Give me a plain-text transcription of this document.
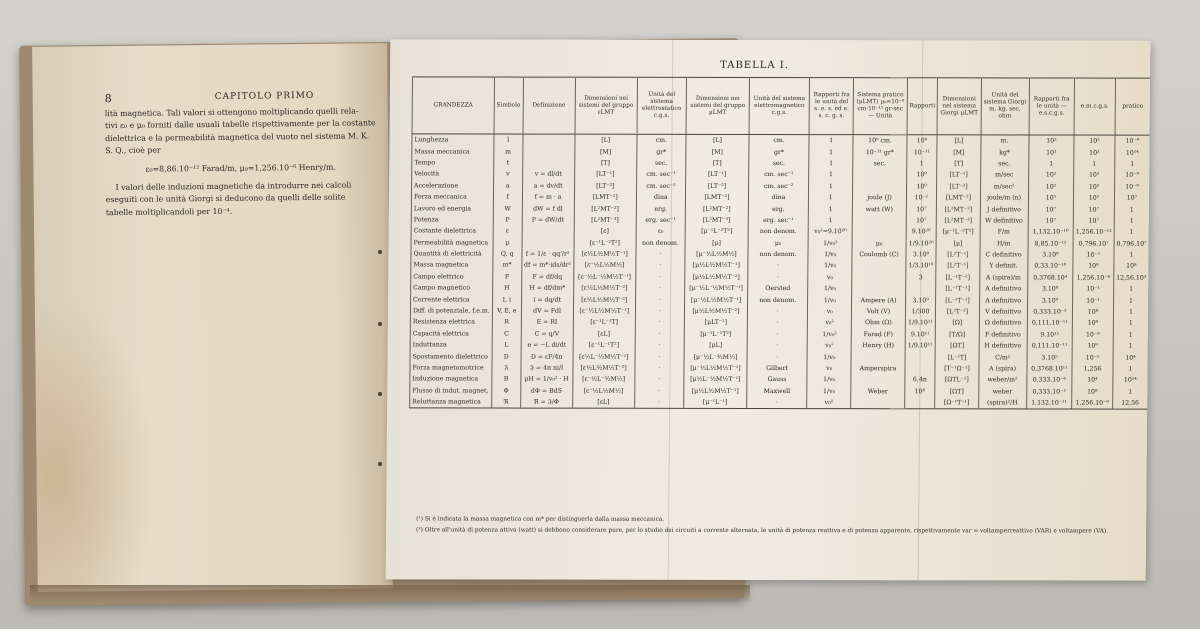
8	CAPITOLO PRIMO

lità magnetica. Tali valori si ottengono moltiplicando quelli rela-

tivi ε₀ e μ₀ forniti dalle usuali tabelle rispettivamente per la costante

dielettrica e la permeabilità magnetica del vuoto nel sistema M. K.

S. Q., cioè per

ε₀=8,86.10⁻¹² Farad/m, μ₀=1,256.10⁻⁶ Henry/m.

I valori delle induzioni magnetiche da introdurre nei calcoli

eseguiti con le unità Giorgi si deducono da quelli delle solite

tabelle moltiplicandoli per 10⁻⁴.

TABELLA I.
GRANDEZZA	Simbolo	Definizione	Dimensioni nei sistemi del gruppo εLMT	Unità del sistema elettrostatico c.g.s.	Dimensioni nei sistemi del gruppo μLMT	Unità del sistema elettromagnetico c.g.s.	Rapporti fra le unità del s. e. s. ed e. s. c. g. s.	Sistema pratico (μLMT) μ₀=10⁻⁹ cm·10⁻¹¹ gr·sec — Unità	Rapporti	Dimensioni nel sistema Giorgi μLMT	Unità del sistema Giorgi m, kg, sec, ohm	Rapporti fra le unità — e.s.c.g.s.	e.m.c.g.s.	pratico
Lunghezza	l		[L]	cm.	[L]	cm.	1	10⁹ cm.	10⁹	[L]	m.	10²	10²	10⁻⁹
Massa meccanica	m		[M]	gr*	[M]	gr*	1	10⁻¹¹ gr*	10⁻¹¹	[M]	kg*	10³	10³	10¹⁴
Tempo	t		[T]	sec.	[T]	sec.	1	sec.	1	[T]	sec.	1	1	1
Velocità	v	v = dl/dt	[LT⁻¹]	cm. sec⁻¹	[LT⁻¹]	cm. sec⁻¹	1		10⁹	[LT⁻¹]	m/sec	10²	10²	10⁻⁹
Accelerazione	a	a = dv/dt	[LT⁻²]	cm. sec⁻²	[LT⁻²]	cm. sec⁻²	1		10⁹	[LT⁻²]	m/sec²	10²	10²	10⁻⁹
Forza meccanica	f	f = m · a	[LMT⁻²]	dina	[LMT⁻²]	dina	1	joule (J)	10⁻²	[LMT⁻²]	joule/m (n)	10⁵	10⁵	10⁷
Lavoro ed energia	W	dW = f dl	[L²MT⁻²]	erg.	[L²MT⁻²]	erg.	1	watt (W)	10⁷	[L²MT⁻²]	J definitivo	10⁷	10⁷	1
Potenza	P	P = dW/dt	[L²MT⁻³]	erg. sec⁻¹	[L²MT⁻³]	erg. sec⁻¹	1		10⁷	[L²MT⁻³]	W definitivo	10⁷	10⁷	1
Costante dielettrica	ε		[ε]	ε₀	[μ⁻¹L⁻²T²]	non denom.	v₀²=9.10²⁰		9.10²⁰	[μ⁻¹L⁻²T²]	F/m	1,132.10⁻¹⁰	1,256.10⁻¹³	1
Permeabilità magnetica	μ		[ε⁻¹L⁻²T²]	non denom.	[μ]	μ₀	1/v₀²	μ₀	1/9.10²⁰	[μ]	H/m	8,85.10⁻¹²	0,796.10⁷	0,796.10⁷
Quantità di elettricità	Q, q	f = 1/ε · qq'/r²	[ε½L³⁄₂M½T⁻¹]	·	[μ⁻½L½M½]	non denom.	1/v₀	Coulomb (C)	3.10⁹	[L²T⁻¹]	C definitivo	3.10⁹	10⁻¹	1
Massa magnetica	m*	df = m*·ids/dr²	[ε⁻½L½M½]	·	[μ½L³⁄₂M½T⁻¹]	·	1/v₀		1/3.10¹⁰	[L²T⁻¹]	Y definit.	0,33.10⁻¹⁰	10⁸	10⁸
Campo elettrico	F	F = df/dq	[ε⁻½L⁻½M½T⁻¹]	·	[μ½L½M½T⁻²]	·	v₀		3	[L⁻¹T⁻²]	A (spira)/m	0,3768.10⁴	1,256.10⁻⁴	12,56.10³
Campo magnetico	H	H = df/dm*	[ε½L½M½T⁻²]	·	[μ⁻½L⁻½M½T⁻¹]	Oersted	1/v₀			[L⁻¹T⁻¹]	A definitivo	3.10⁹	10⁻¹	1
Corrente elettrica	I, i	i = dq/dt	[ε½L³⁄₂M½T⁻²]	·	[μ⁻½L½M½T⁻¹]	non denom.	1/v₀	Ampere (A)	3.10⁹	[L⁻¹T⁻¹]	A definitivo	3.10⁹	10⁻¹	1
Diff. di potenziale, f.e.m.	V, E, e	dV = Fdl	[ε⁻½L½M½T⁻¹]	·	[μ½L³⁄₂M½T⁻²]	·	v₀	Volt (V)	1/300	[L²T⁻²]	V definitivo	0,333.10⁻²	10⁸	1
Resistenza elettrica	R	E = RI	[ε⁻¹L⁻¹T]	·	[μLT⁻¹]	·	v₀²	Ohm (Ω)	1/9.10¹¹	[Ω]	Ω definitivo	0,111.10⁻¹¹	10⁹	1
Capacità elettrica	C	C = q/V	[εL]	·	[μ⁻¹L⁻¹T²]	·	1/v₀²	Farad (F)	9.10¹¹	[T/Ω]	F definitivo	9.10¹¹	10⁻⁹	1
Induttanza	L	e = −L di/dt	[ε⁻¹L⁻¹T²]	·	[μL]	·	v₀²	Henry (H)	1/9.10¹¹	[ΩT]	H definitivo	0,111.10⁻¹¹	10⁹	1
Spostamento dielettrico	D	D = εF/4π	[ε½L⁻½M½T⁻¹]	·	[μ⁻½L⁻³⁄₂M½]	·	1/v₀			[L⁻²T]	C/m²	3.10⁵	10⁻⁵	10⁴
Forza magnetomotrice	𝔉	𝔉 = 4π ni/l	[ε½L³⁄₂M½T⁻²]	·	[μ⁻½L½M½T⁻¹]	Gilbert	v₀	Amperspira		[T⁻¹Ω⁻¹]	A (spira)	0,3768.10¹¹	1,256	1
Induzione magnetica	B	μH = 1/v₀² · H	[ε⁻½L⁻³⁄₂M½]	·	[μ½L⁻½M½T⁻¹]	Gauss	1/v₀		6,4π	[ΩTL⁻²]	weber/m²	0,333.10⁻⁶	10⁴	10¹⁴
Flusso di indut. magnet.	Φ	dΦ = BdS	[ε⁻½L½M½]	·	[μ½L³⁄₂M½T⁻¹]	Maxwell	1/v₀	Weber	10⁸	[ΩT]	weber	0,333.10⁻²	10⁸	1
Reluttanza magnetica	ℜ	ℜ = 𝔉/Φ	[εL]	·	[μ⁻¹L⁻¹]	·	v₀²			[Ω⁻¹T⁻¹]	(spira)²/H	1,132.10⁻¹¹	1,256.10⁻⁹	12,56

(¹) Si è indicata la massa magnetica con m* per distinguerla dalla massa meccanica.

(²) Oltre all'unità di potenza attiva (watt) si debbono considerare pure, per lo studio dei circuiti a corrente alternata, le unità di potenza reattiva e di potenza apparente, rispettivamente var = voltamperreattivo (VAR) e voltampere (VA).
